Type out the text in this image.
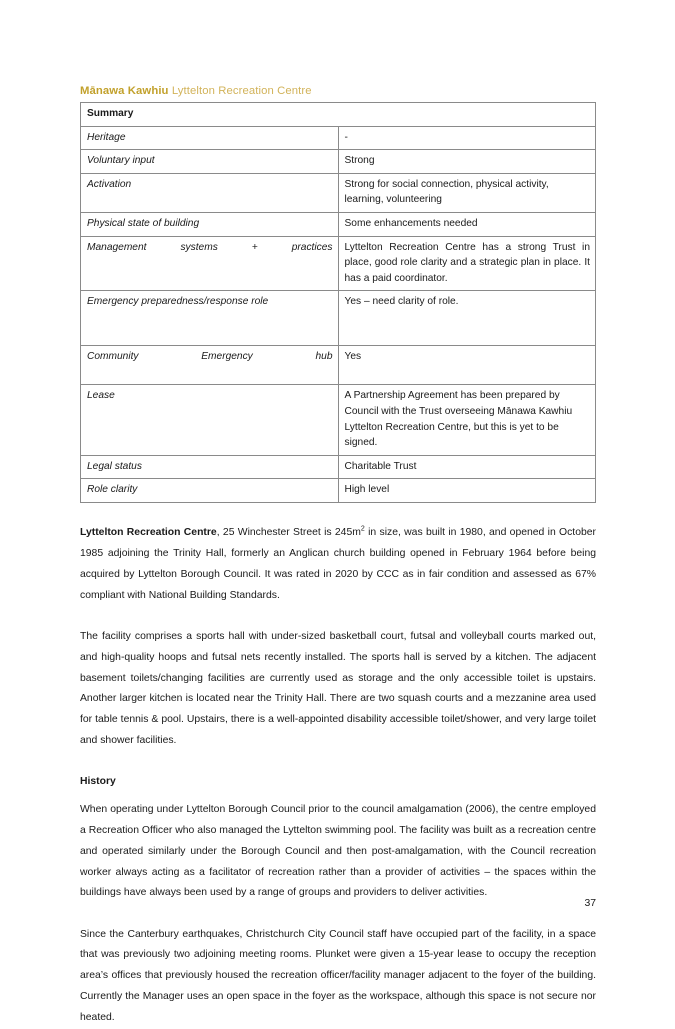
Mānawa Kawhiu Lyttelton Recreation Centre
Summary	
Heritage	-
Voluntary input	Strong
Activation	Strong for social connection, physical activity, learning, volunteering
Physical state of building	Some enhancements needed
Management systems + practices	Lyttelton Recreation Centre has a strong Trust in place, good role clarity and a strategic plan in place. It has a paid coordinator.
Emergency preparedness/response role	Yes – need clarity of role.
Community Emergency hub	Yes
Lease	A Partnership Agreement has been prepared by Council with the Trust overseeing Mānawa Kawhiu Lyttelton Recreation Centre, but this is yet to be signed.
Legal status	Charitable Trust
Role clarity	High level

Lyttelton Recreation Centre, 25 Winchester Street is $245m^2$ in size, was built in 1980, and opened in October 1985 adjoining the Trinity Hall, formerly an Anglican church building opened in February 1964 before being acquired by Lyttelton Borough Council. It was rated in 2020 by CCC as in fair condition and assessed as 67% compliant with National Building Standards.

The facility comprises a sports hall with under-sized basketball court, futsal and volleyball courts marked out, and high-quality hoops and futsal nets recently installed. The sports hall is served by a kitchen. The adjacent basement toilets/changing facilities are currently used as storage and the only accessible toilet is upstairs. Another larger kitchen is located near the Trinity Hall. There are two squash courts and a mezzanine area used for table tennis & pool. Upstairs, there is a well-appointed disability accessible toilet/shower, and very large toilet and shower facilities.

History

When operating under Lyttelton Borough Council prior to the council amalgamation (2006), the centre employed a Recreation Officer who also managed the Lyttelton swimming pool. The facility was built as a recreation centre and operated similarly under the Borough Council and then post-amalgamation, with the Council recreation worker always acting as a facilitator of recreation rather than a provider of activities – the spaces within the buildings have always been used by a range of groups and providers to deliver activities.

Since the Canterbury earthquakes, Christchurch City Council staff have occupied part of the facility, in a space that was previously two adjoining meeting rooms. Plunket were given a 15-year lease to occupy the reception area’s offices that previously housed the recreation officer/facility manager adjacent to the foyer of the building. Currently the Manager uses an open space in the foyer as the workspace, although this space is not secure nor heated.

37
